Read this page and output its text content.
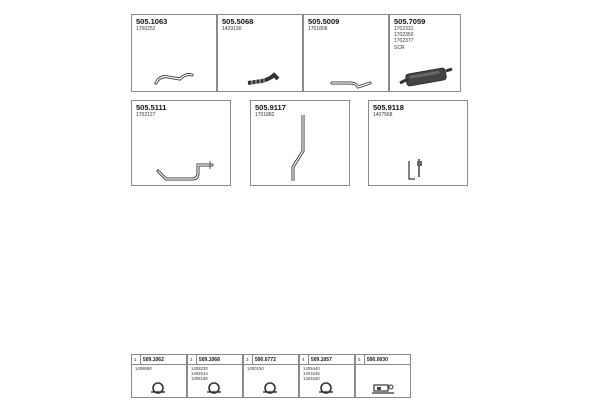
505.1063
1700252
505.5068
1429130
505.5009
1701806
505.7059
1702331
1702350
1702377
SCR
505.5111
1702127
505.9117
1701882
505.9118
1407568
1 509.1062
1408690
2 509.1068
1408230
1402514
1305190
3 590.0772
1400150
4 509.1057
1405440
1401545
1403340
5 590.0030
